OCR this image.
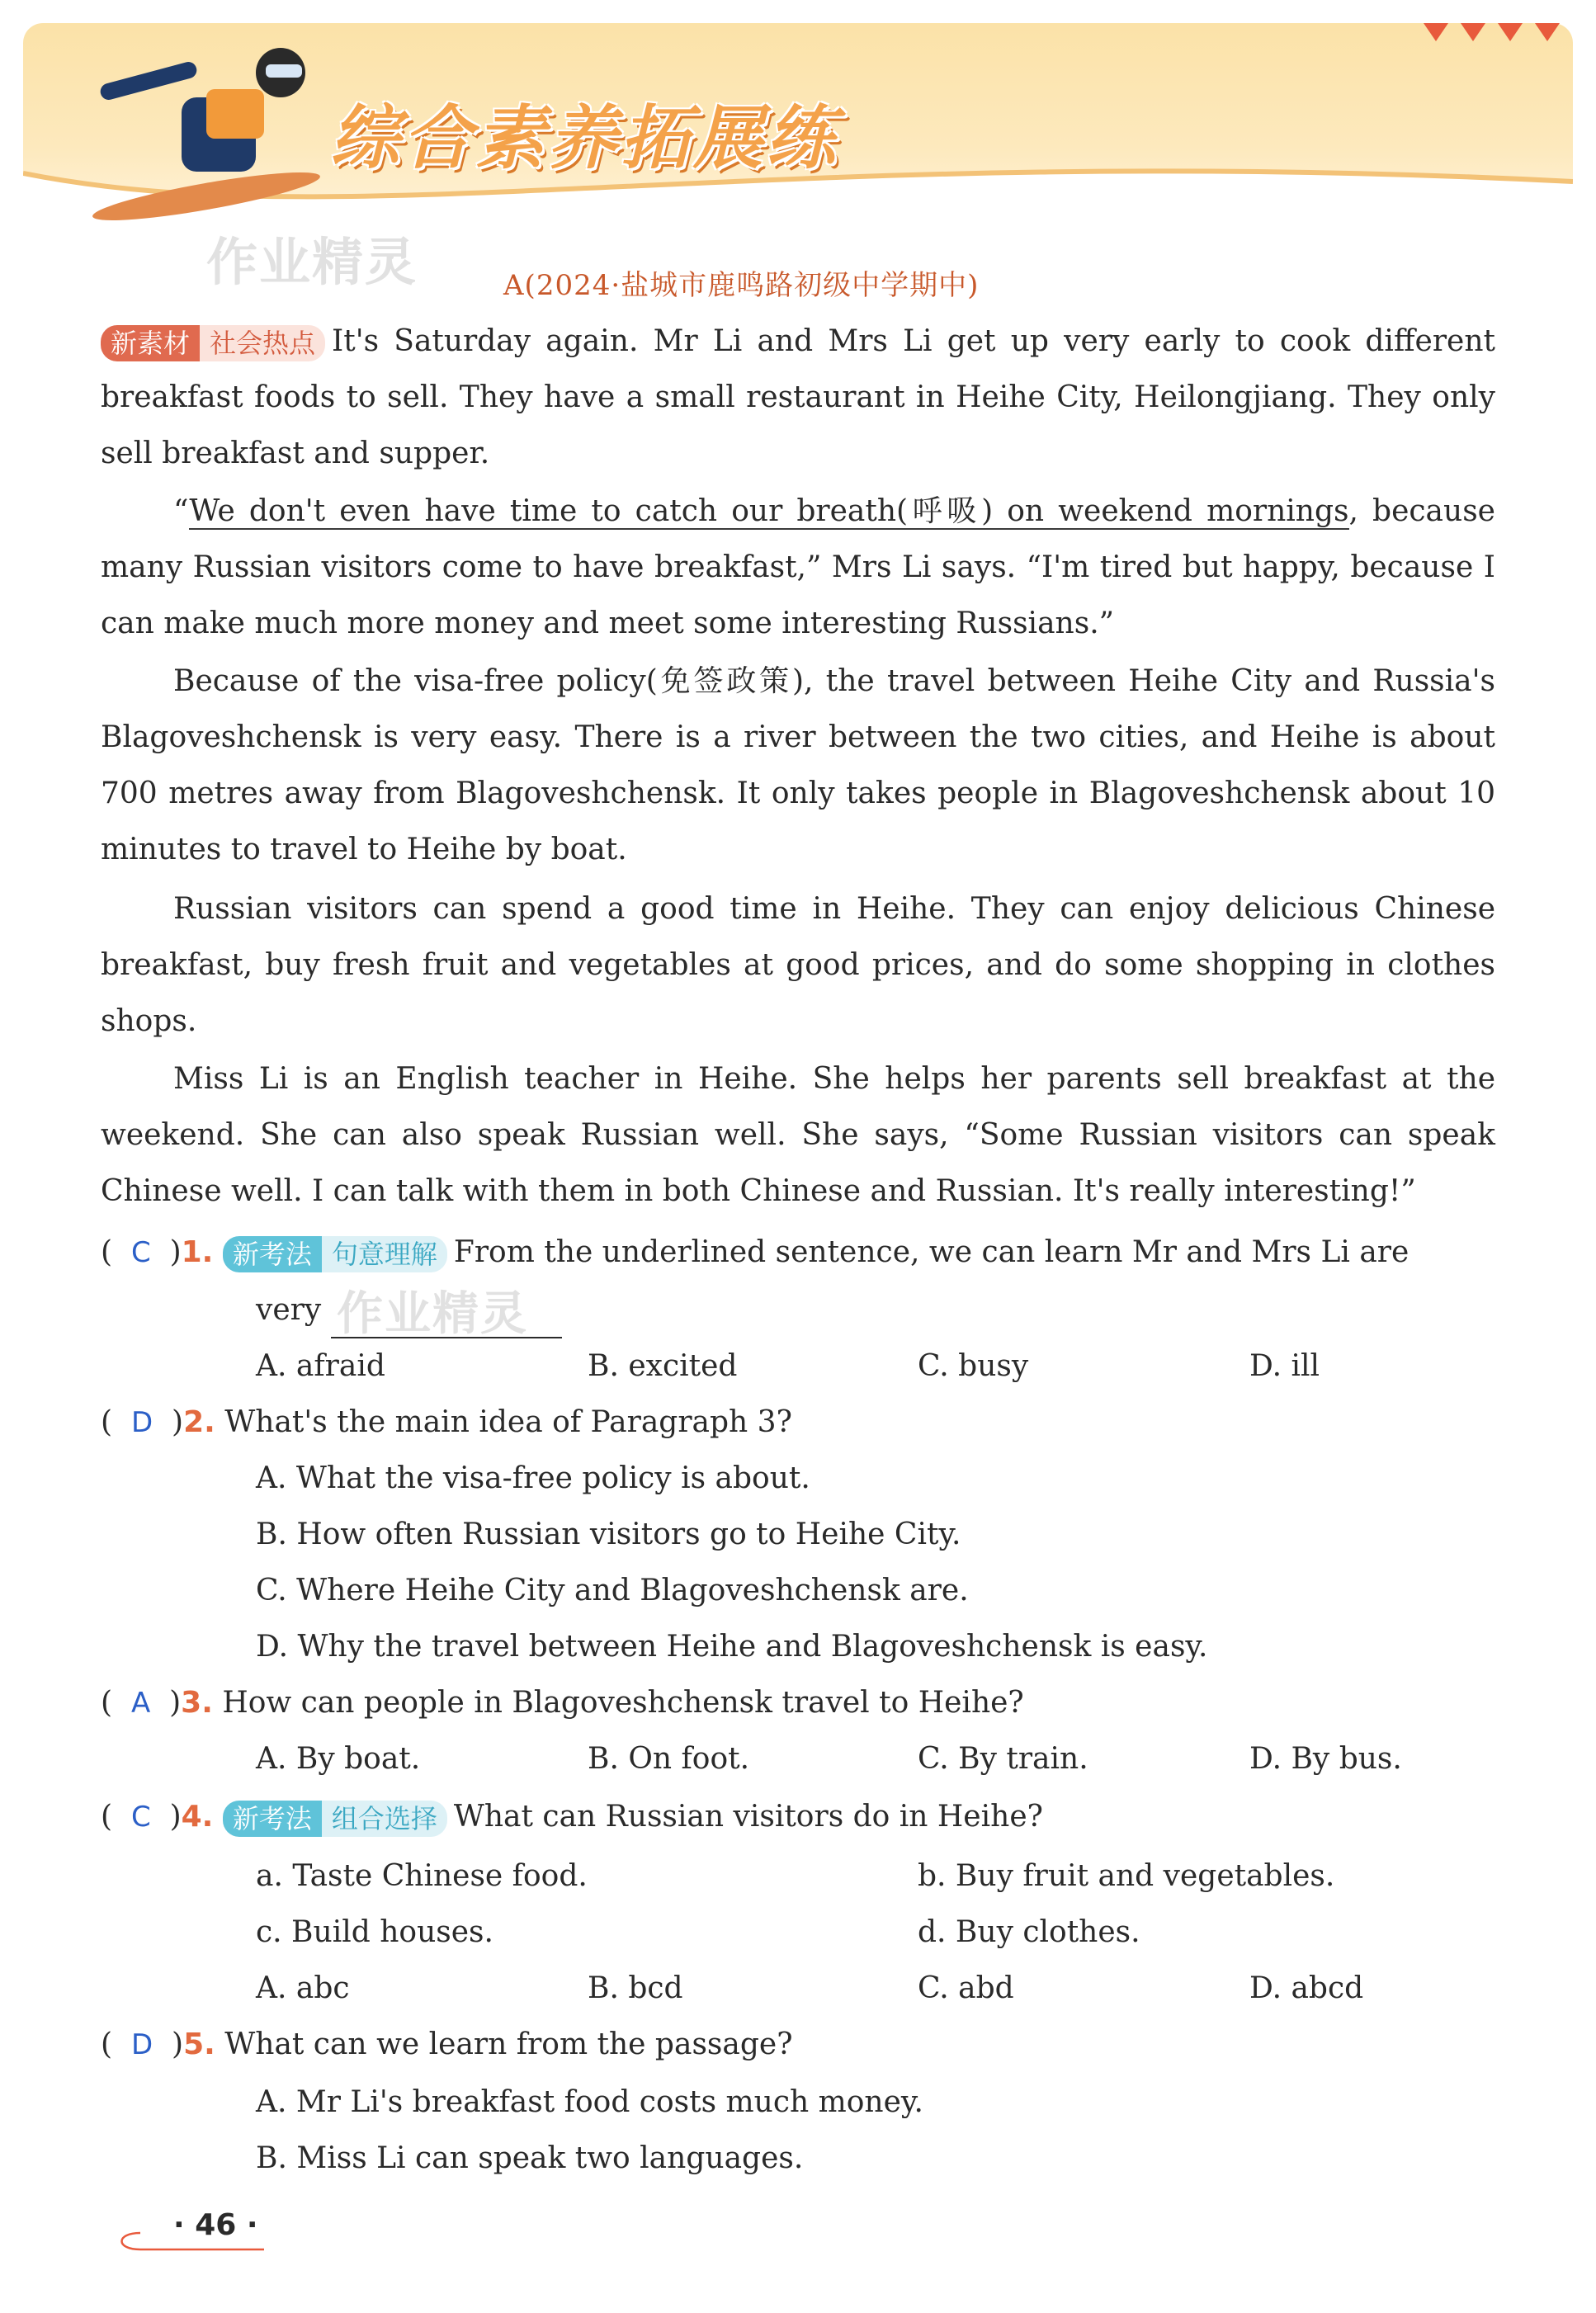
综合素养拓展练
作业精灵	A(2024·盐城市鹿鸣路初级中学期中)
新素材 社会热点 It's Saturday again. Mr Li and Mrs Li get up very early to cook different breakfast foods to sell. They have a small restaurant in Heihe City, Heilongjiang. They only sell breakfast and supper.
“We don't even have time to catch our breath(呼吸) on weekend mornings, because many Russian visitors come to have breakfast,” Mrs Li says. “I'm tired but happy, because I can make much more money and meet some interesting Russians.”
Because of the visa-free policy(免签政策), the travel between Heihe City and Russia's Blagoveshchensk is very easy. There is a river between the two cities, and Heihe is about 700 metres away from Blagoveshchensk. It only takes people in Blagoveshchensk about 10 minutes to travel to Heihe by boat.
Russian visitors can spend a good time in Heihe. They can enjoy delicious Chinese breakfast, buy fresh fruit and vegetables at good prices, and do some shopping in clothes shops.
Miss Li is an English teacher in Heihe. She helps her parents sell breakfast at the weekend. She can also speak Russian well. She says, “Some Russian visitors can speak Chinese well. I can talk with them in both Chinese and Russian. It's really interesting!”
( C )1. 新考法 句意理解 From the underlined sentence, we can learn Mr and Mrs Li are
very 作业精灵
A. afraid	B. excited	C. busy	D. ill
( D )2. What's the main idea of Paragraph 3?
A. What the visa-free policy is about.
B. How often Russian visitors go to Heihe City.
C. Where Heihe City and Blagoveshchensk are.
D. Why the travel between Heihe and Blagoveshchensk is easy.
( A )3. How can people in Blagoveshchensk travel to Heihe?
A. By boat.	B. On foot.	C. By train.	D. By bus.
( C )4. 新考法 组合选择 What can Russian visitors do in Heihe?
a. Taste Chinese food.	b. Buy fruit and vegetables.
c. Build houses.	d. Buy clothes.
A. abc	B. bcd	C. abd	D. abcd
( D )5. What can we learn from the passage?
A. Mr Li's breakfast food costs much money.
B. Miss Li can speak two languages.
· 46 ·
